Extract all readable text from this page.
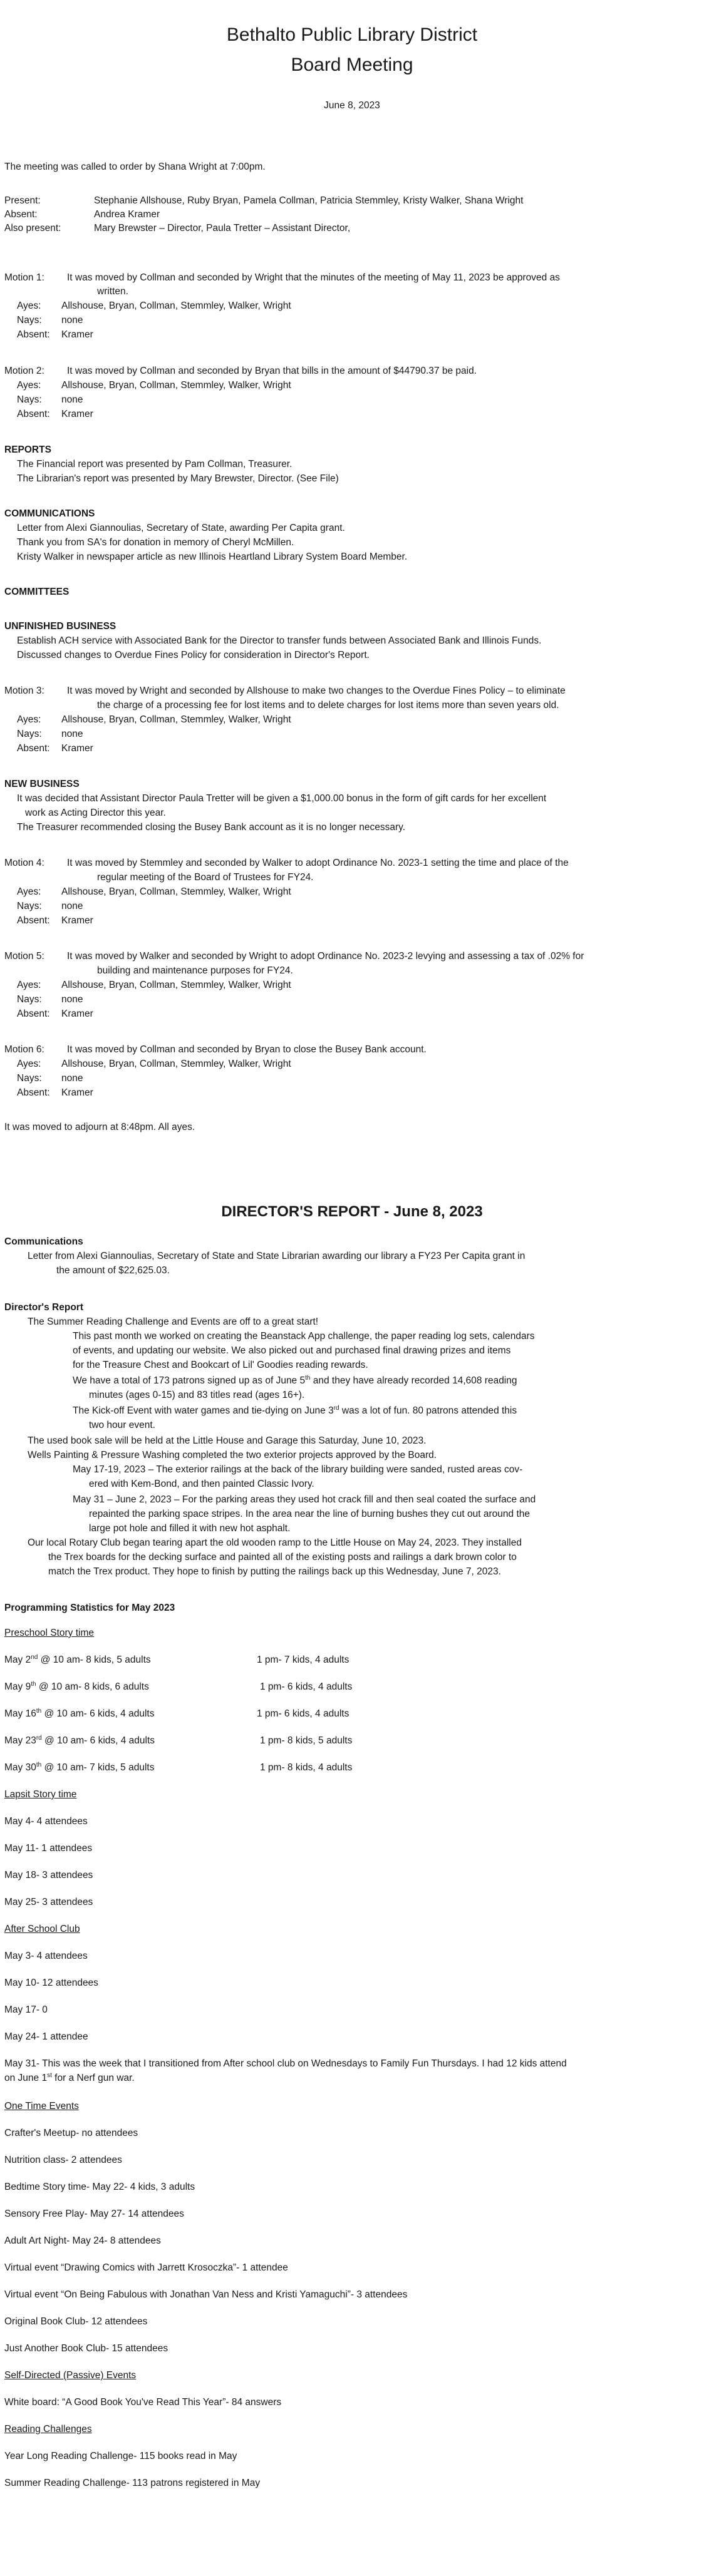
Bethalto Public Library District
Board Meeting
June 8, 2023
The meeting was called to order by Shana Wright at 7:00pm.
Present:	Stephanie Allshouse, Ruby Bryan, Pamela Collman, Patricia Stemmley, Kristy Walker, Shana Wright
Absent:	Andrea Kramer
Also present:	Mary Brewster – Director, Paula Tretter – Assistant Director,
Motion 1: It was moved by Collman and seconded by Wright that the minutes of the meeting of May 11, 2023 be approved as
written.
Ayes: Allshouse, Bryan, Collman, Stemmley, Walker, Wright
Nays: none
Absent: Kramer
Motion 2: It was moved by Collman and seconded by Bryan that bills in the amount of $44790.37 be paid.
Ayes: Allshouse, Bryan, Collman, Stemmley, Walker, Wright
Nays: none
Absent: Kramer
REPORTS
The Financial report was presented by Pam Collman, Treasurer.
The Librarian's report was presented by Mary Brewster, Director. (See File)
COMMUNICATIONS
Letter from Alexi Giannoulias, Secretary of State, awarding Per Capita grant.
Thank you from SA's for donation in memory of Cheryl McMillen.
Kristy Walker in newspaper article as new Illinois Heartland Library System Board Member.
COMMITTEES
UNFINISHED BUSINESS
Establish ACH service with Associated Bank for the Director to transfer funds between Associated Bank and Illinois Funds.
Discussed changes to Overdue Fines Policy for consideration in Director's Report.
Motion 3: It was moved by Wright and seconded by Allshouse to make two changes to the Overdue Fines Policy – to eliminate
the charge of a processing fee for lost items and to delete charges for lost items more than seven years old.
Ayes: Allshouse, Bryan, Collman, Stemmley, Walker, Wright
Nays: none
Absent: Kramer
NEW BUSINESS
It was decided that Assistant Director Paula Tretter will be given a $1,000.00 bonus in the form of gift cards for her excellent
work as Acting Director this year.
The Treasurer recommended closing the Busey Bank account as it is no longer necessary.
Motion 4: It was moved by Stemmley and seconded by Walker to adopt Ordinance No. 2023-1 setting the time and place of the
regular meeting of the Board of Trustees for FY24.
Ayes: Allshouse, Bryan, Collman, Stemmley, Walker, Wright
Nays: none
Absent: Kramer
Motion 5: It was moved by Walker and seconded by Wright to adopt Ordinance No. 2023-2 levying and assessing a tax of .02% for
building and maintenance purposes for FY24.
Ayes: Allshouse, Bryan, Collman, Stemmley, Walker, Wright
Nays: none
Absent: Kramer
Motion 6: It was moved by Collman and seconded by Bryan to close the Busey Bank account.
Ayes: Allshouse, Bryan, Collman, Stemmley, Walker, Wright
Nays: none
Absent: Kramer
It was moved to adjourn at 8:48pm. All ayes.
DIRECTOR'S REPORT - June 8, 2023
Communications
Letter from Alexi Giannoulias, Secretary of State and State Librarian awarding our library a FY23 Per Capita grant in
the amount of $22,625.03.
Director's Report
The Summer Reading Challenge and Events are off to a great start!
This past month we worked on creating the Beanstack App challenge, the paper reading log sets, calendars
of events, and updating our website. We also picked out and purchased final drawing prizes and items
for the Treasure Chest and Bookcart of Lil' Goodies reading rewards.
We have a total of 173 patrons signed up as of June 5th and they have already recorded 14,608 reading
minutes (ages 0-15) and 83 titles read (ages 16+).
The Kick-off Event with water games and tie-dying on June 3rd was a lot of fun. 80 patrons attended this
two hour event.
The used book sale will be held at the Little House and Garage this Saturday, June 10, 2023.
Wells Painting & Pressure Washing completed the two exterior projects approved by the Board.
May 17-19, 2023 – The exterior railings at the back of the library building were sanded, rusted areas cov-
ered with Kem-Bond, and then painted Classic Ivory.
May 31 – June 2, 2023 – For the parking areas they used hot crack fill and then seal coated the surface and
repainted the parking space stripes. In the area near the line of burning bushes they cut out around the
large pot hole and filled it with new hot asphalt.
Our local Rotary Club began tearing apart the old wooden ramp to the Little House on May 24, 2023. They installed
the Trex boards for the decking surface and painted all of the existing posts and railings a dark brown color to
match the Trex product. They hope to finish by putting the railings back up this Wednesday, June 7, 2023.
Programming Statistics for May 2023
Preschool Story time
May 2nd @ 10 am- 8 kids, 5 adults	1 pm- 7 kids, 4 adults
May 9th @ 10 am- 8 kids, 6 adults	1 pm- 6 kids, 4 adults
May 16th @ 10 am- 6 kids, 4 adults	1 pm- 6 kids, 4 adults
May 23rd @ 10 am- 6 kids, 4 adults	1 pm- 8 kids, 5 adults
May 30th @ 10 am- 7 kids, 5 adults	1 pm- 8 kids, 4 adults
Lapsit Story time
May 4- 4 attendees
May 11- 1 attendees
May 18- 3 attendees
May 25- 3 attendees
After School Club
May 3- 4 attendees
May 10- 12 attendees
May 17- 0
May 24- 1 attendee
May 31- This was the week that I transitioned from After school club on Wednesdays to Family Fun Thursdays. I had 12 kids attend
on June 1st for a Nerf gun war.
One Time Events
Crafter's Meetup- no attendees
Nutrition class- 2 attendees
Bedtime Story time- May 22- 4 kids, 3 adults
Sensory Free Play- May 27- 14 attendees
Adult Art Night- May 24- 8 attendees
Virtual event “Drawing Comics with Jarrett Krosoczka”- 1 attendee
Virtual event “On Being Fabulous with Jonathan Van Ness and Kristi Yamaguchi”- 3 attendees
Original Book Club- 12 attendees
Just Another Book Club- 15 attendees
Self-Directed (Passive) Events
White board: “A Good Book You've Read This Year”- 84 answers
Reading Challenges
Year Long Reading Challenge- 115 books read in May
Summer Reading Challenge- 113 patrons registered in May
